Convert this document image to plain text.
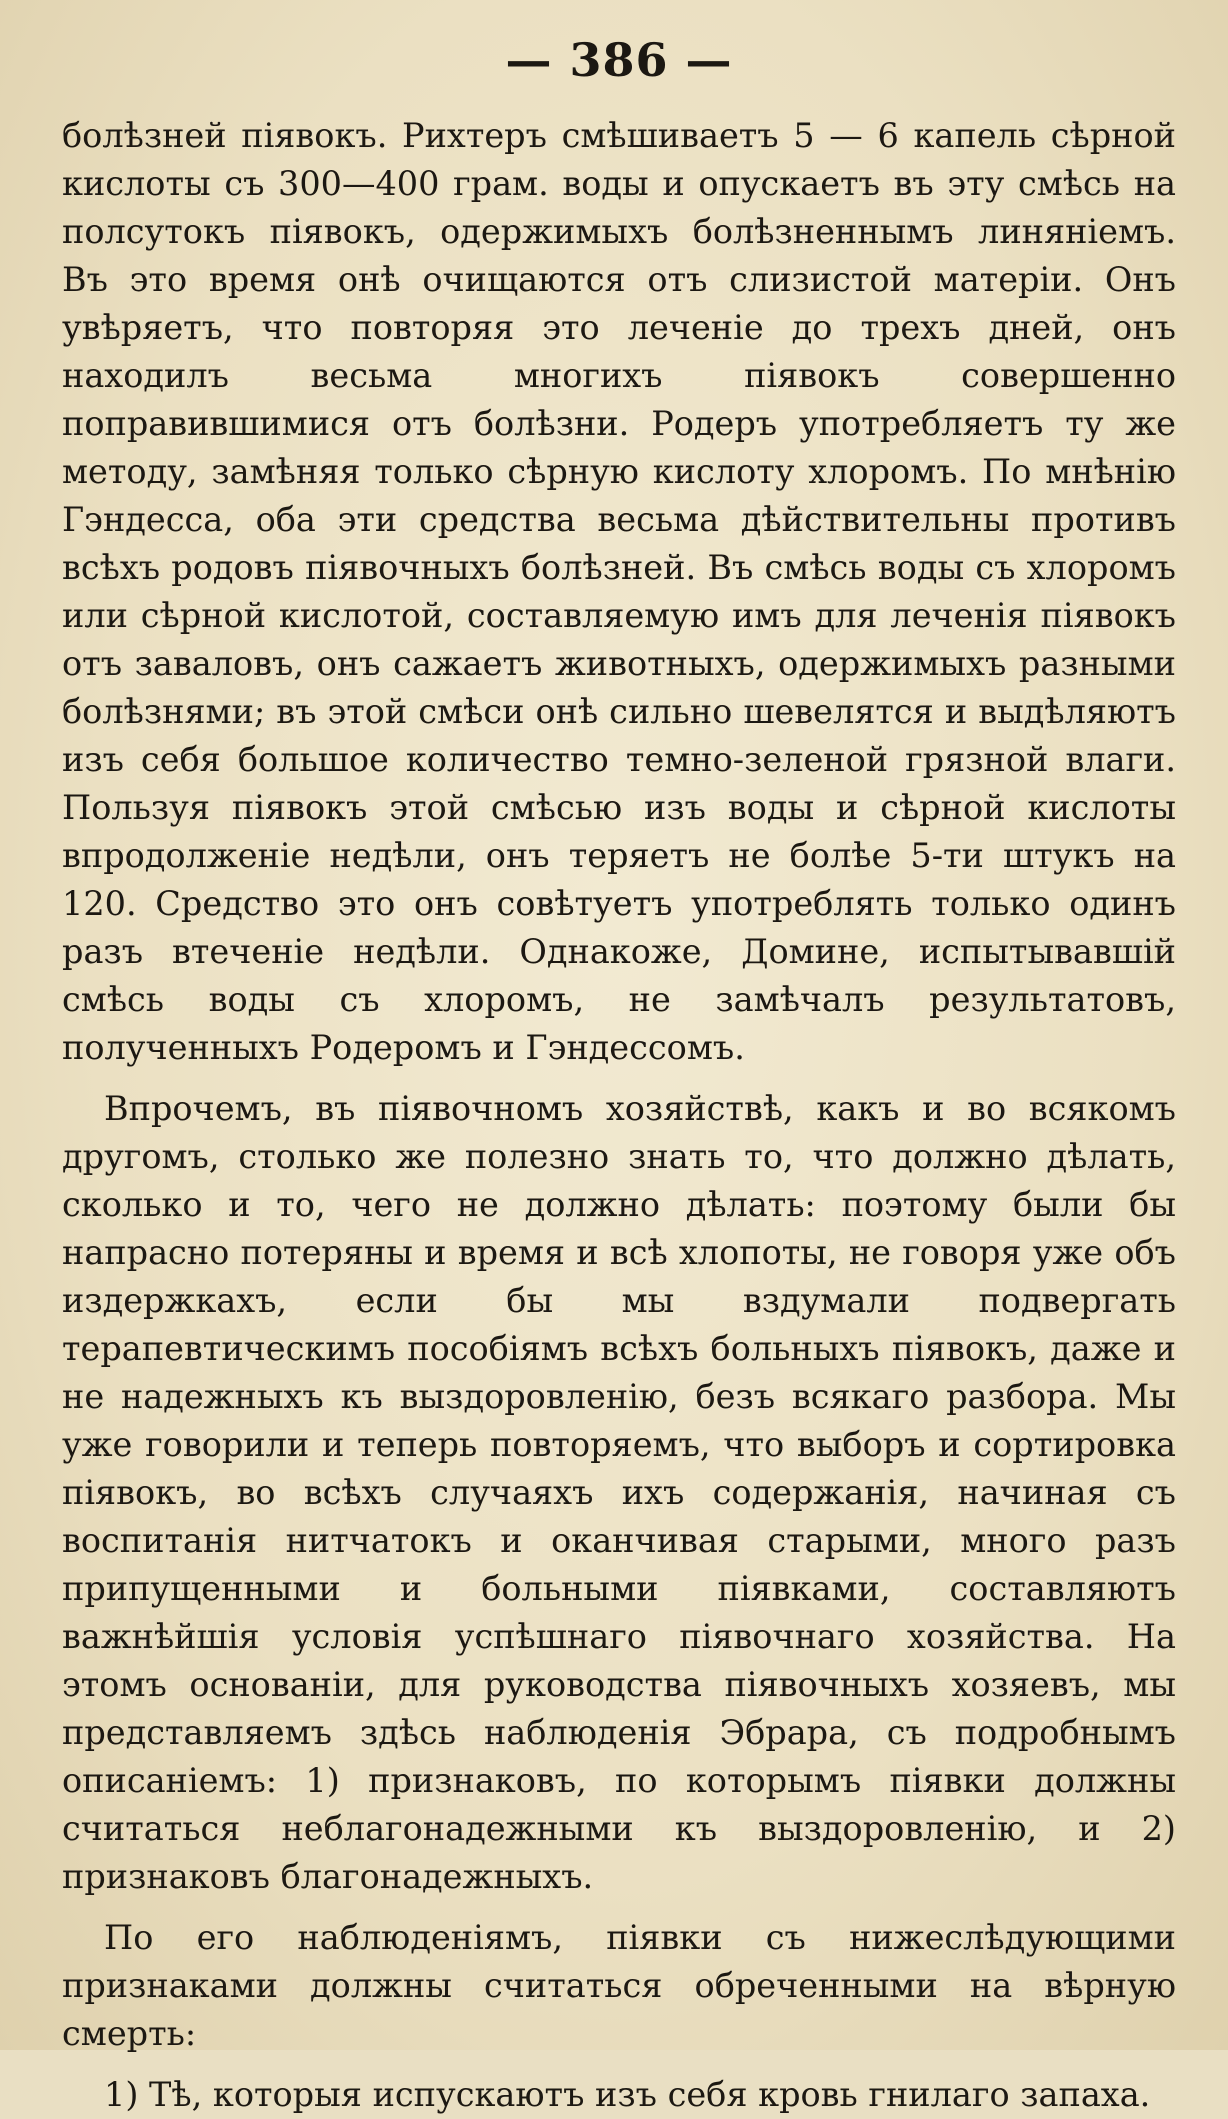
— 386 —

болѣзней піявокъ. Рихтеръ смѣшиваетъ 5 — 6 капель сѣрной кислоты съ 300—400 грам. воды и опускаетъ въ эту смѣсь на полсутокъ піявокъ, одержимыхъ болѣзненнымъ линяніемъ. Въ это время онѣ очищаются отъ слизистой матеріи. Онъ увѣряетъ, что повторяя это леченіе до трехъ дней, онъ находилъ весьма многихъ піявокъ совершенно поправившимися отъ болѣзни. Родеръ употребляетъ ту же методу, замѣняя только сѣрную кислоту хлоромъ. По мнѣнію Гэндесса, оба эти средства весьма дѣйствительны противъ всѣхъ родовъ піявочныхъ болѣзней. Въ смѣсь воды съ хлоромъ или сѣрной кислотой, составляемую имъ для леченія піявокъ отъ заваловъ, онъ сажаетъ животныхъ, одержимыхъ разными болѣзнями; въ этой смѣси онѣ сильно шевелятся и выдѣляютъ изъ себя большое количество темно-зеленой грязной влаги. Пользуя піявокъ этой смѣсью изъ воды и сѣрной кислоты впродолженіе недѣли, онъ теряетъ не болѣе 5-ти штукъ на 120. Средство это онъ совѣтуетъ употреблять только одинъ разъ втеченіе недѣли. Однакоже, Домине, испытывавшій смѣсь воды съ хлоромъ, не замѣчалъ результатовъ, полученныхъ Родеромъ и Гэндессомъ.

Впрочемъ, въ піявочномъ хозяйствѣ, какъ и во всякомъ другомъ, столько же полезно знать то, что должно дѣлать, сколько и то, чего не должно дѣлать: поэтому были бы напрасно потеряны и время и всѣ хлопоты, не говоря уже объ издержкахъ, если бы мы вздумали подвергать терапевтическимъ пособіямъ всѣхъ больныхъ піявокъ, даже и не надежныхъ къ выздоровленію, безъ всякаго разбора. Мы уже говорили и теперь повторяемъ, что выборъ и сортировка піявокъ, во всѣхъ случаяхъ ихъ содержанія, начиная съ воспитанія нитчатокъ и оканчивая старыми, много разъ припущенными и больными піявками, составляютъ важнѣйшія условія успѣшнаго піявочнаго хозяйства. На этомъ основаніи, для руководства піявочныхъ хозяевъ, мы представляемъ здѣсь наблюденія Эбрара, съ подробнымъ описаніемъ: 1) признаковъ, по которымъ піявки должны считаться неблагонадежными къ выздоровленію, и 2) признаковъ благонадежныхъ.

По его наблюденіямъ, піявки съ нижеслѣдующими признаками должны считаться обреченными на вѣрную смерть:

1) Тѣ, которыя испускаютъ изъ себя кровь гнилаго запаха.
